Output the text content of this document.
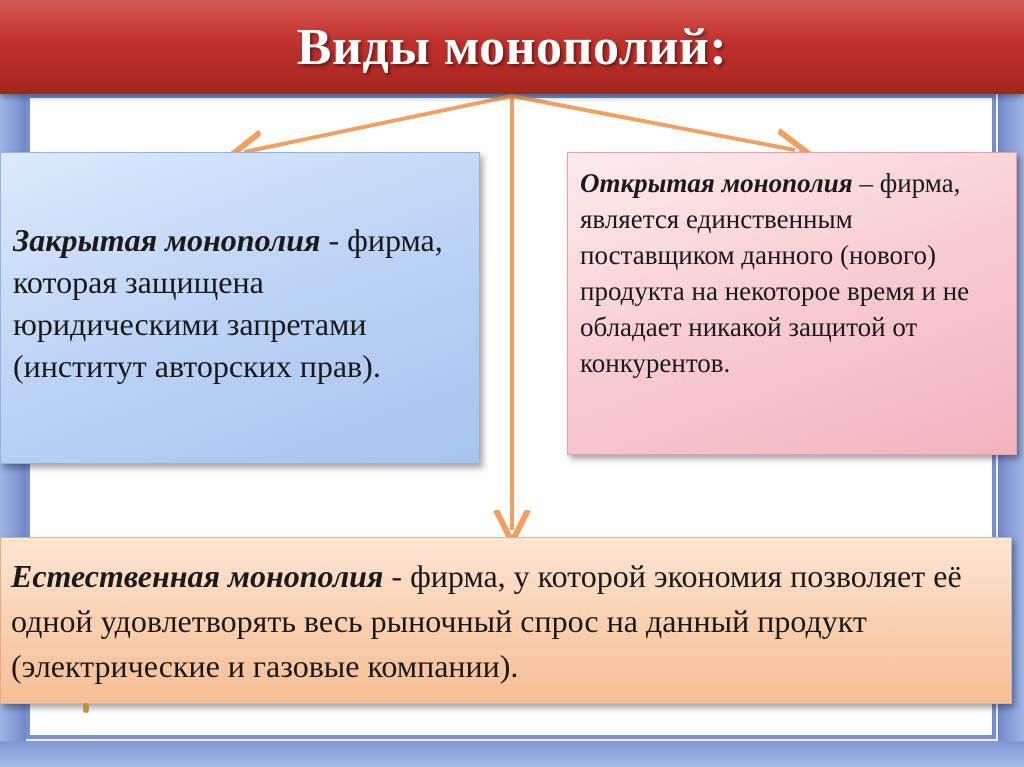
Виды монополий:
Закрытая монополия - фирма, которая защищена юридическими запретами (институт авторских прав).
Открытая монополия – фирма, является единственным поставщиком данного (нового) продукта на некоторое время и не обладает никакой защитой от конкурентов.
Естественная монополия - фирма, у которой экономия позволяет её одной удовлетворять весь рыночный спрос на данный продукт (электрические и газовые компании).
